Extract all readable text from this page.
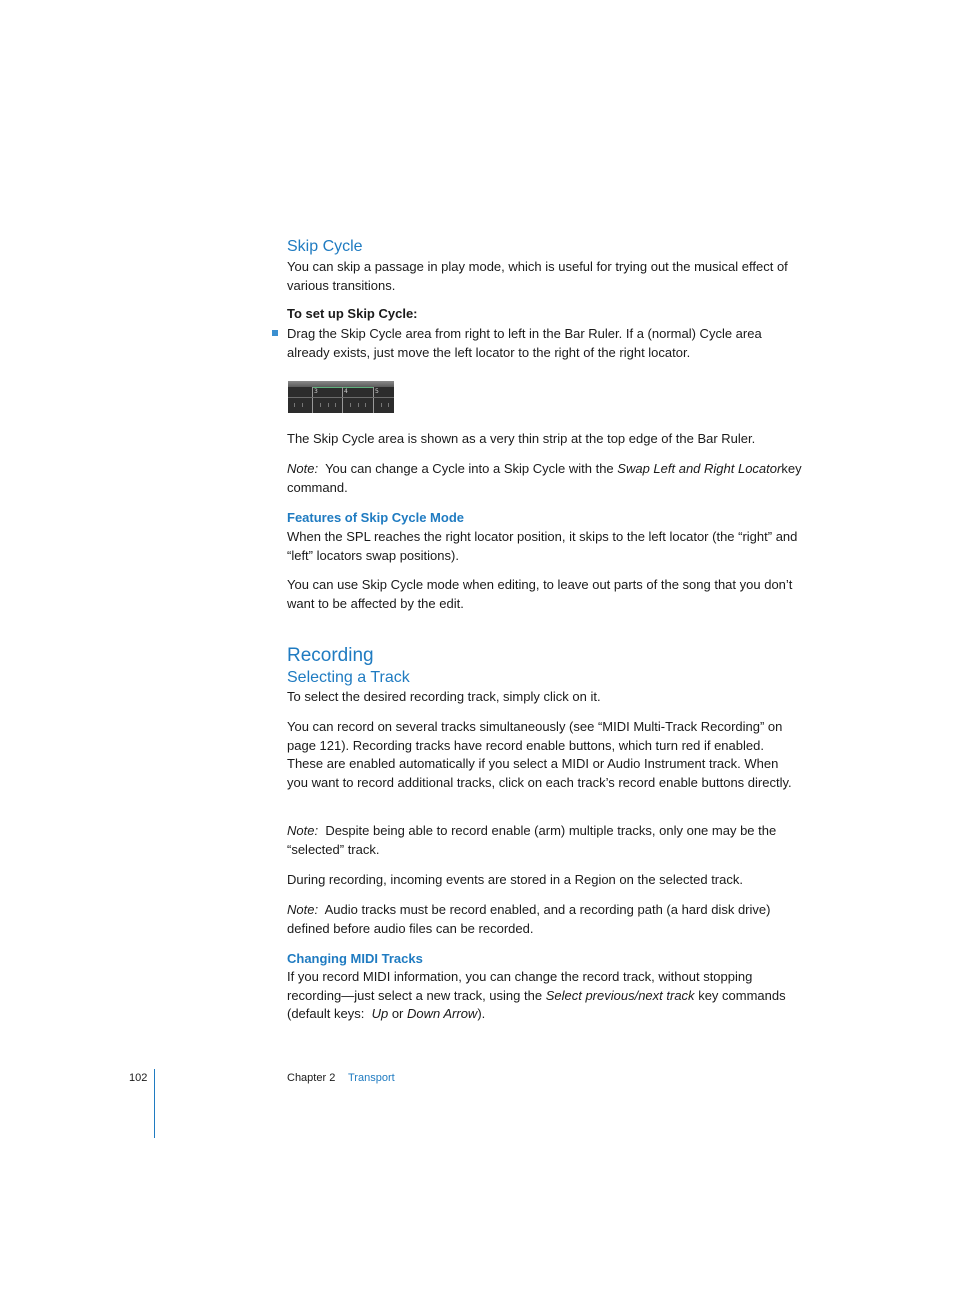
Skip Cycle

You can skip a passage in play mode, which is useful for trying out the musical effect of various transitions.

To set up Skip Cycle:

Drag the Skip Cycle area from right to left in the Bar Ruler. If a (normal) Cycle area already exists, just move the left locator to the right of the right locator.

3	4	5

The Skip Cycle area is shown as a very thin strip at the top edge of the Bar Ruler.

Note: You can change a Cycle into a Skip Cycle with the Swap Left and Right Locatorkey command.

Features of Skip Cycle Mode

When the SPL reaches the right locator position, it skips to the left locator (the “right” and “left” locators swap positions).

You can use Skip Cycle mode when editing, to leave out parts of the song that you don’t want to be affected by the edit.

Recording
Selecting a Track

To select the desired recording track, simply click on it.

You can record on several tracks simultaneously (see “MIDI Multi-Track Recording” on page 121). Recording tracks have record enable buttons, which turn red if enabled. These are enabled automatically if you select a MIDI or Audio Instrument track. When you want to record additional tracks, click on each track’s record enable buttons directly.

Note: Despite being able to record enable (arm) multiple tracks, only one may be the “selected” track.

During recording, incoming events are stored in a Region on the selected track.

Note: Audio tracks must be record enabled, and a recording path (a hard disk drive) defined before audio files can be recorded.

Changing MIDI Tracks

If you record MIDI information, you can change the record track, without stopping recording—just select a new track, using the Select previous/next track key commands (default keys: Up or Down Arrow).

102	Chapter 2 Transport
